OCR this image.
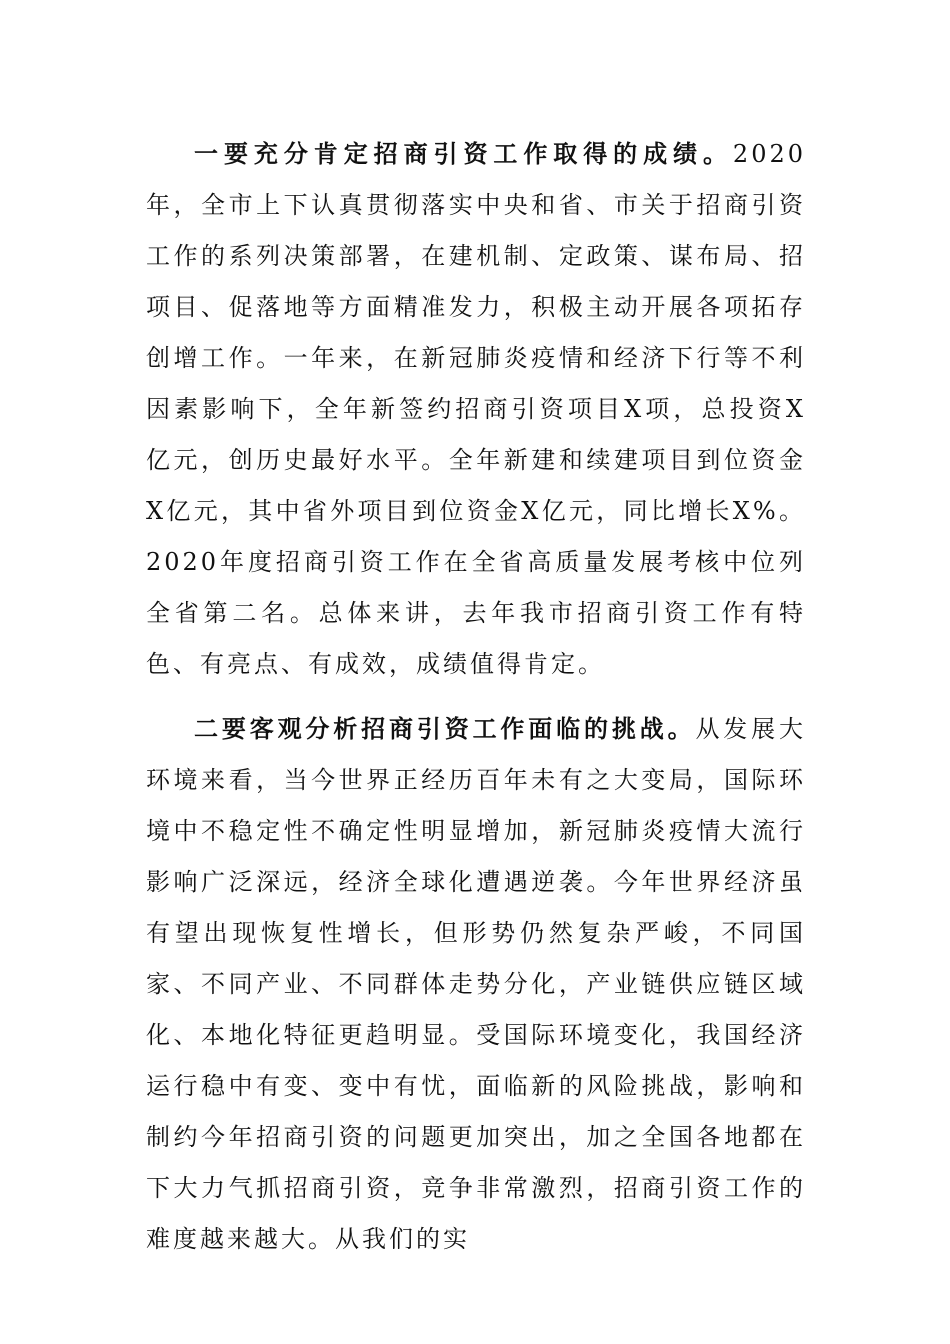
一要充分肯定招商引资工作取得的成绩。2020年，全市上下认真贯彻落实中央和省、市关于招商引资工作的系列决策部署，在建机制、定政策、谋布局、招项目、促落地等方面精准发力，积极主动开展各项拓存创增工作。一年来，在新冠肺炎疫情和经济下行等不利因素影响下，全年新签约招商引资项目X项，总投资X亿元，创历史最好水平。全年新建和续建项目到位资金X亿元，其中省外项目到位资金X亿元，同比增长X%。2020年度招商引资工作在全省高质量发展考核中位列全省第二名。总体来讲，去年我市招商引资工作有特色、有亮点、有成效，成绩值得肯定。

二要客观分析招商引资工作面临的挑战。从发展大环境来看，当今世界正经历百年未有之大变局，国际环境中不稳定性不确定性明显增加，新冠肺炎疫情大流行影响广泛深远，经济全球化遭遇逆袭。今年世界经济虽有望出现恢复性增长，但形势仍然复杂严峻，不同国家、不同产业、不同群体走势分化，产业链供应链区域化、本地化特征更趋明显。受国际环境变化，我国经济运行稳中有变、变中有忧，面临新的风险挑战，影响和制约今年招商引资的问题更加突出，加之全国各地都在下大力气抓招商引资，竞争非常激烈，招商引资工作的难度越来越大。从我们的实
